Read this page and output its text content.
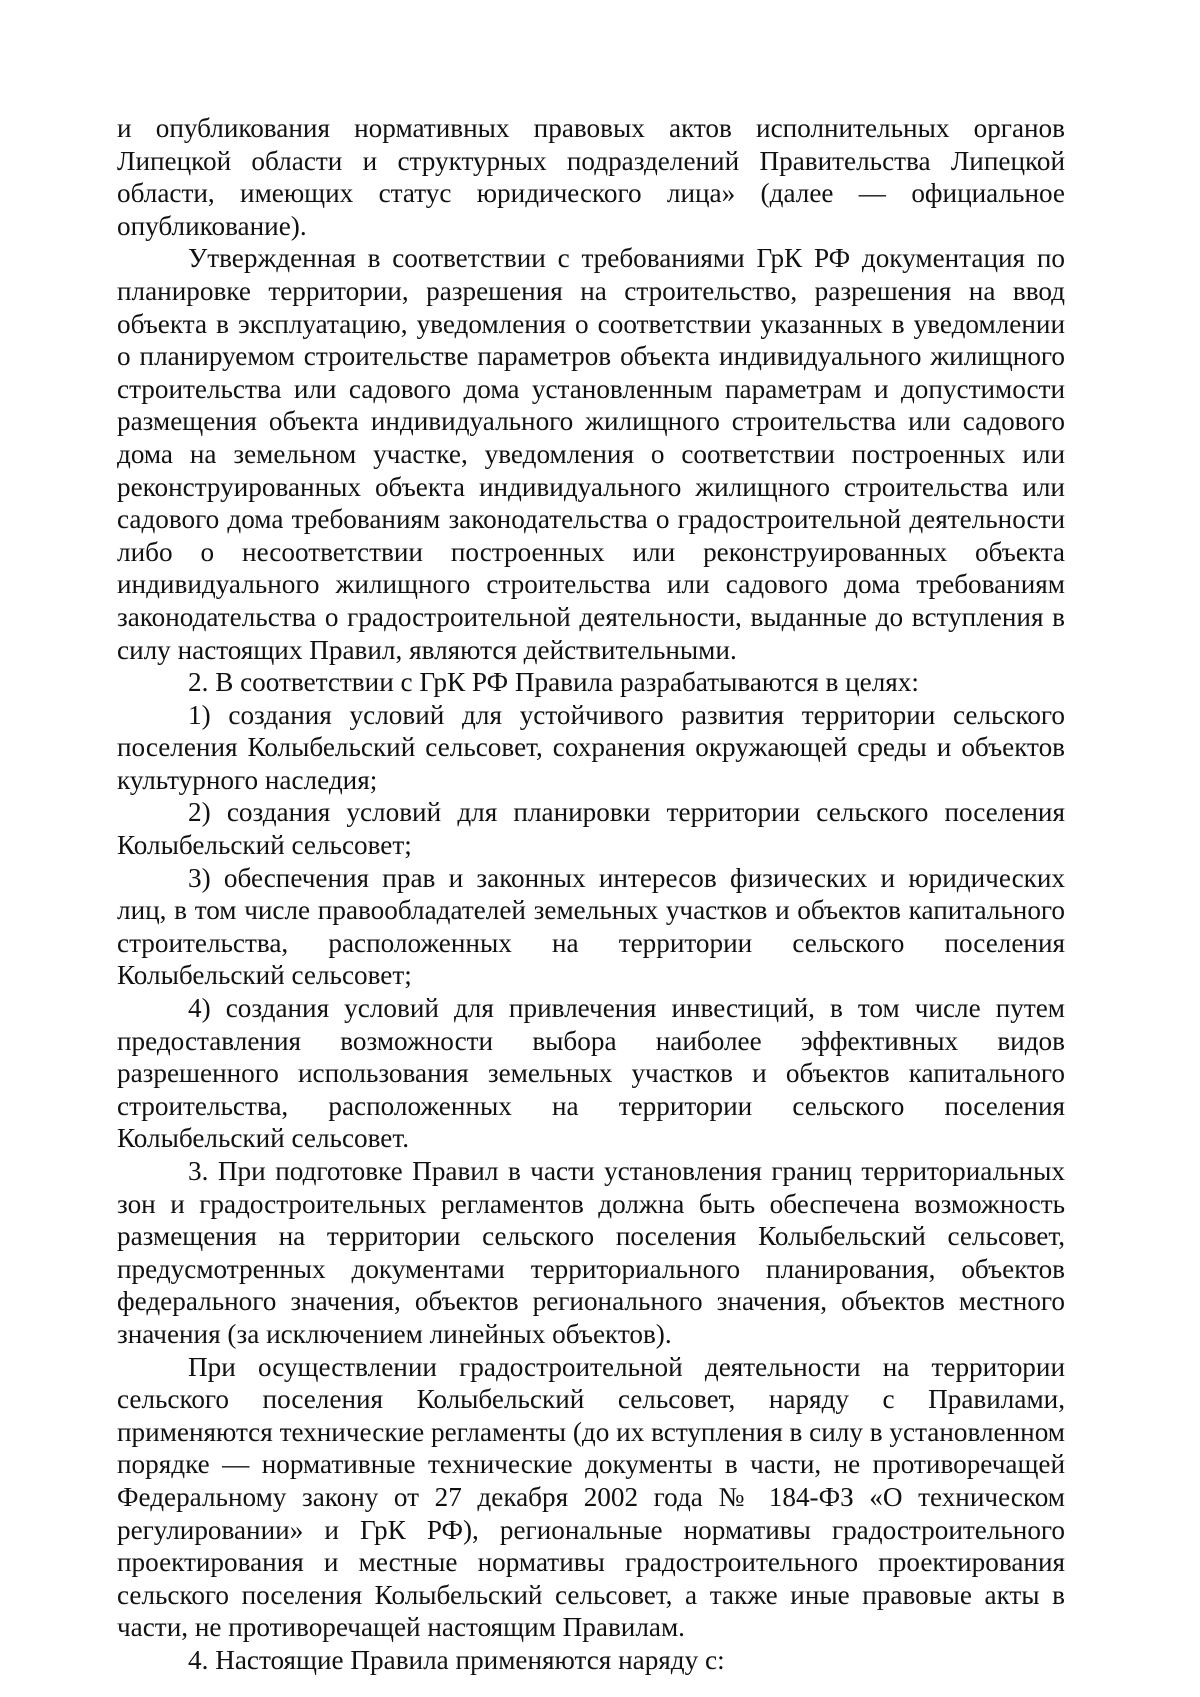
и опубликования нормативных правовых актов исполнительных органов Липецкой области и структурных подразделений Правительства Липецкой области, имеющих статус юридического лица» (далее — официальное опубликование).

Утвержденная в соответствии с требованиями ГрК РФ документация по планировке территории, разрешения на строительство, разрешения на ввод объекта в эксплуатацию, уведомления о соответствии указанных в уведомлении о планируемом строительстве параметров объекта индивидуального жилищного строительства или садового дома установленным параметрам и допустимости размещения объекта индивидуального жилищного строительства или садового дома на земельном участке, уведомления о соответствии построенных или реконструированных объекта индивидуального жилищного строительства или садового дома требованиям законодательства о градостроительной деятельности либо о несоответствии построенных или реконструированных объекта индивидуального жилищного строительства или садового дома требованиям законодательства о градостроительной деятельности, выданные до вступления в силу настоящих Правил, являются действительными.

2. В соответствии с ГрК РФ Правила разрабатываются в целях:

1) создания условий для устойчивого развития территории сельского поселения Колыбельский сельсовет, сохранения окружающей среды и объектов культурного наследия;

2) создания условий для планировки территории сельского поселения Колыбельский сельсовет;

3) обеспечения прав и законных интересов физических и юридических лиц, в том числе правообладателей земельных участков и объектов капитального строительства, расположенных на территории сельского поселения Колыбельский сельсовет;

4) создания условий для привлечения инвестиций, в том числе путем предоставления возможности выбора наиболее эффективных видов разрешенного использования земельных участков и объектов капитального строительства, расположенных на территории сельского поселения Колыбельский сельсовет.

3. При подготовке Правил в части установления границ территориальных зон и градостроительных регламентов должна быть обеспечена возможность размещения на территории сельского поселения Колыбельский сельсовет, предусмотренных документами территориального планирования, объектов федерального значения, объектов регионального значения, объектов местного значения (за исключением линейных объектов).

При осуществлении градостроительной деятельности на территории сельского поселения Колыбельский сельсовет, наряду с Правилами, применяются технические регламенты (до их вступления в силу в установленном порядке — нормативные технические документы в части, не противоречащей Федеральному закону от 27 декабря 2002 года № 184-ФЗ «О техническом регулировании» и ГрК РФ), региональные нормативы градостроительного проектирования и местные нормативы градостроительного проектирования сельского поселения Колыбельский сельсовет, а также иные правовые акты в части, не противоречащей настоящим Правилам.

4. Настоящие Правила применяются наряду с:
